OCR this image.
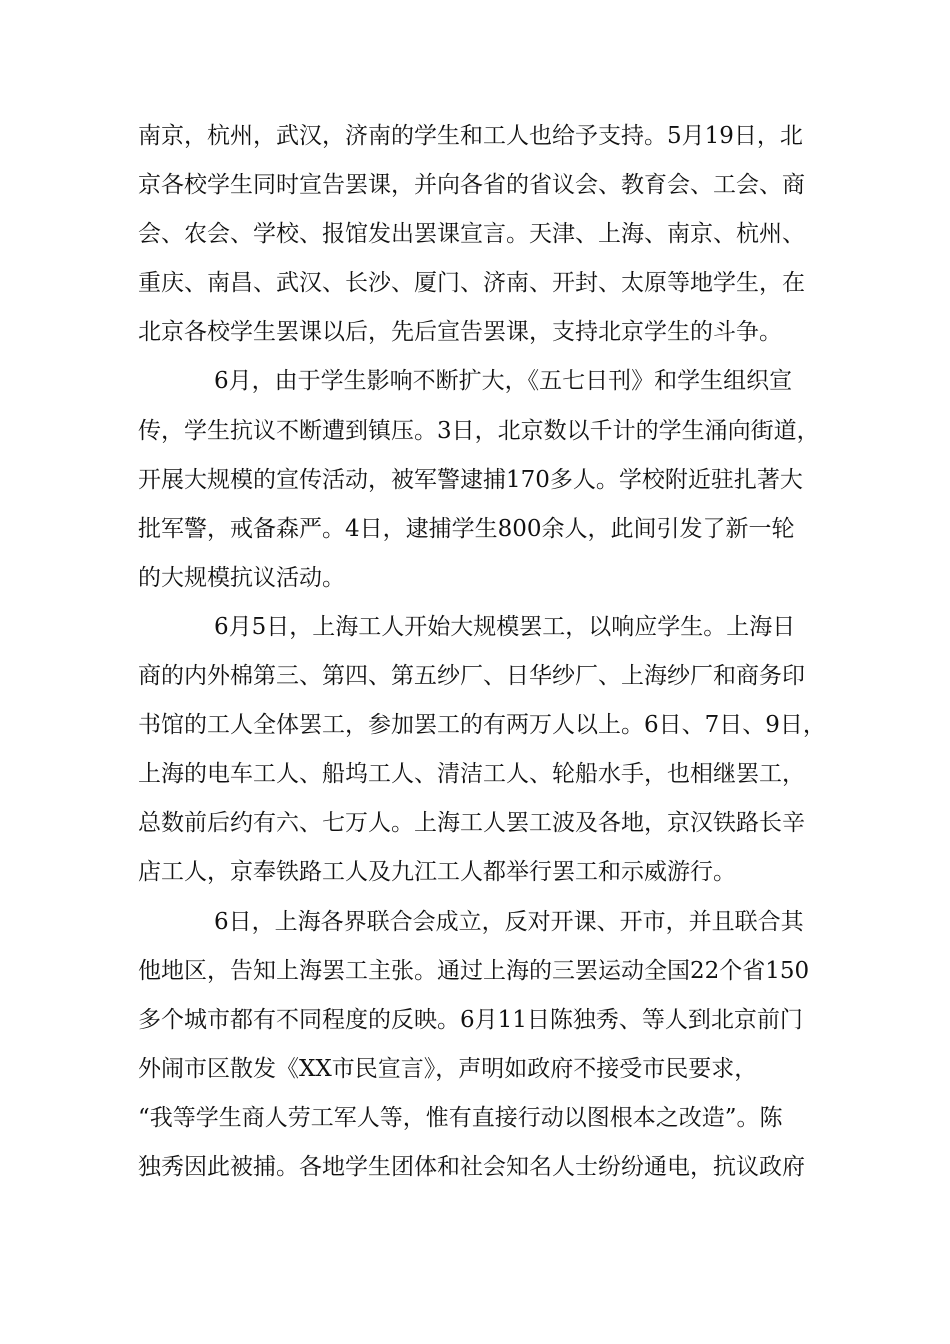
南京，杭州，武汉，济南的学生和工人也给予支持。5月19日，北
京各校学生同时宣告罢课，并向各省的省议会、教育会、工会、商
会、农会、学校、报馆发出罢课宣言。天津、上海、南京、杭州、
重庆、南昌、武汉、长沙、厦门、济南、开封、太原等地学生，在
北京各校学生罢课以后，先后宣告罢课，支持北京学生的斗争。
6月，由于学生影响不断扩大，《五七日刊》和学生组织宣
传，学生抗议不断遭到镇压。3日，北京数以千计的学生涌向街道，
开展大规模的宣传活动，被军警逮捕170多人。学校附近驻扎著大
批军警，戒备森严。4日，逮捕学生800余人，此间引发了新一轮
的大规模抗议活动。
6月5日，上海工人开始大规模罢工，以响应学生。上海日
商的内外棉第三、第四、第五纱厂、日华纱厂、上海纱厂和商务印
书馆的工人全体罢工，参加罢工的有两万人以上。6日、7日、9日，
上海的电车工人、船坞工人、清洁工人、轮船水手，也相继罢工，
总数前后约有六、七万人。上海工人罢工波及各地，京汉铁路长辛
店工人，京奉铁路工人及九江工人都举行罢工和示威游行。
6日，上海各界联合会成立，反对开课、开市，并且联合其
他地区，告知上海罢工主张。通过上海的三罢运动全国22个省150
多个城市都有不同程度的反映。6月11日陈独秀、等人到北京前门
外闹市区散发《XX市民宣言》，声明如政府不接受市民要求，
“我等学生商人劳工军人等，惟有直接行动以图根本之改造”。陈
独秀因此被捕。各地学生团体和社会知名人士纷纷通电，抗议政府
